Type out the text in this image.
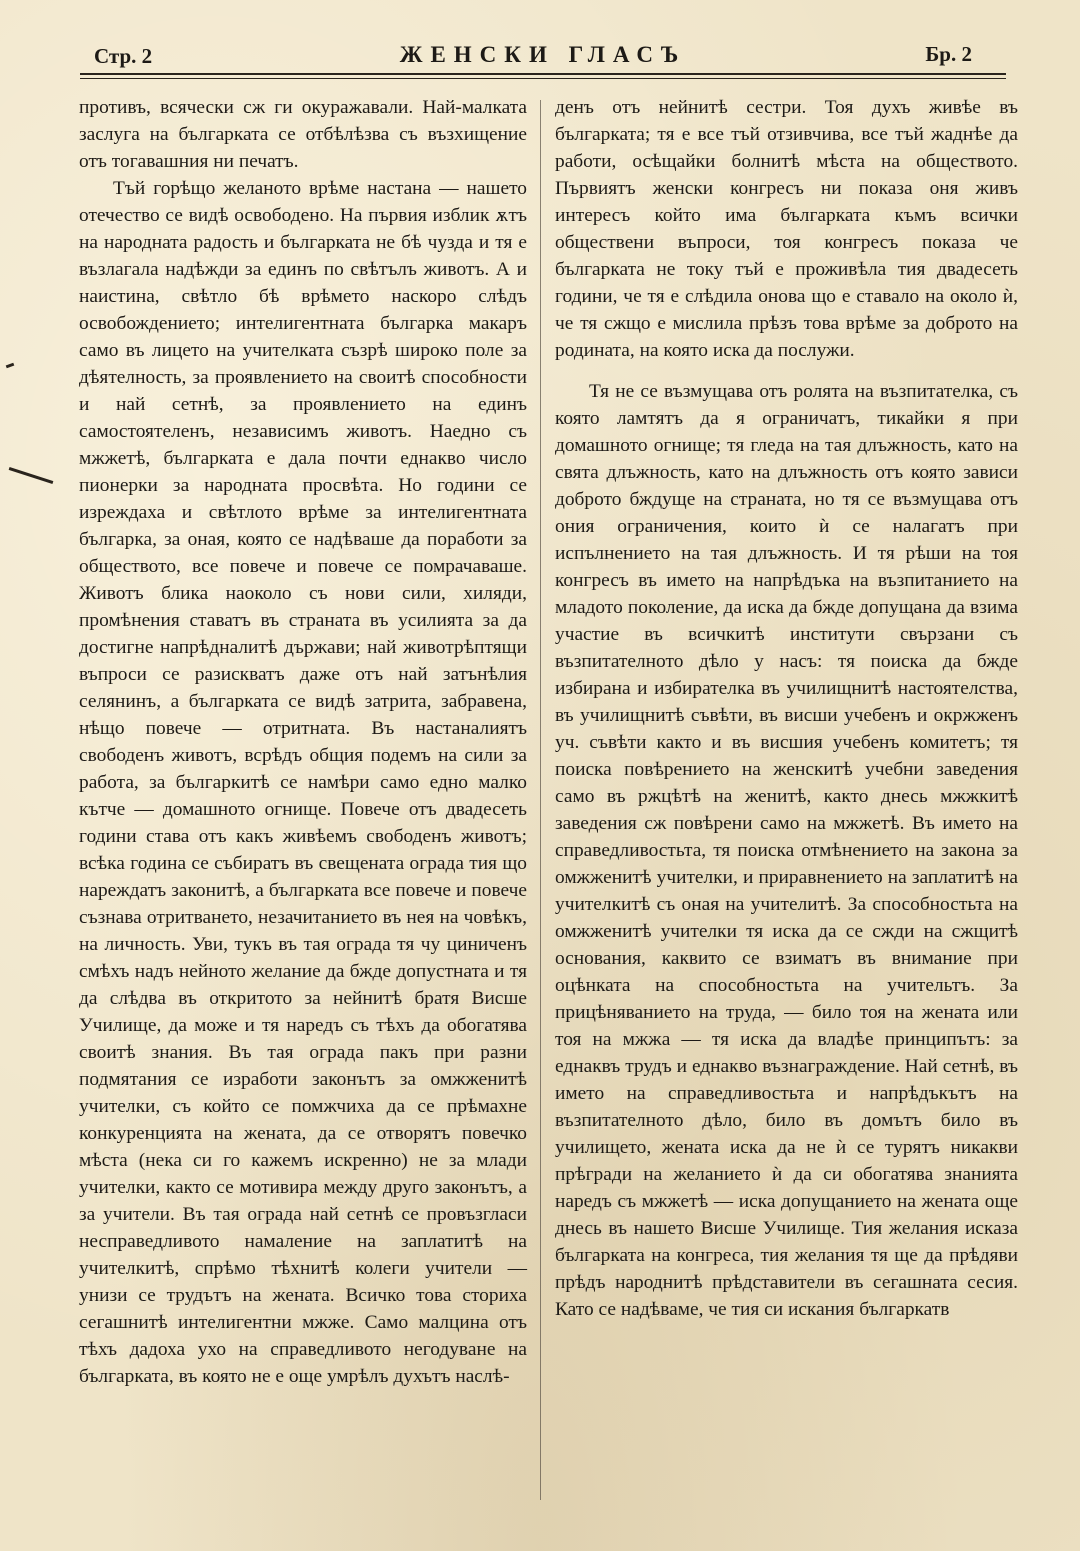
Стр. 2	ЖЕНСКИ ГЛАСЪ	Бр. 2

противъ, всячески сж ги окуражавали. Най-малката заслуга на българката се отбѣлѣзва съ възхищение отъ тогавашния ни печатъ.

Тъй горѣщо желаното врѣме настана — нашето отечество се видѣ освободено. На първия изблик ѫтъ на народната радость и българката не бѣ чузда и тя е възлагала надѣжди за единъ по свѣтълъ животъ. А и наистина, свѣтло бѣ врѣмето наскоро слѣдъ освобождението; интелигентната българка макаръ само въ лицето на учителката съзрѣ широко поле за дѣятелность, за проявлението на своитѣ способности и най сетнѣ, за проявлението на единъ самостоятеленъ, независимъ животъ. Наедно съ мжжетѣ, българката е дала почти еднакво число пионерки за народната просвѣта. Но години се изреждаха и свѣтлото врѣме за интелигентната българка, за оная, която се надѣваше да поработи за обществото, все повече и повече се помрачаваше. Животъ блика наоколо съ нови сили, хиляди, промѣнения ставатъ въ страната въ усилията за да достигне напрѣдналитѣ държави; най животрѣптящи въпроси се разискватъ даже отъ най затънѣлия селянинъ, а българката се видѣ затрита, забравена, нѣщо повече — отритната. Въ настаналиятъ свободенъ животъ, всрѣдъ общия подемъ на сили за работа, за българкитѣ се намѣри само едно малко кътче — домашното огнище. Повече отъ двадесеть години става отъ какъ живѣемъ свободенъ животъ; всѣка година се събиратъ въ свещената ограда тия що нареждатъ законитѣ, а българката все повече и повече съзнава отритването, незачитанието въ нея на човѣкъ, на личность. Уви, тукъ въ тая ограда тя чу циниченъ смѣхъ надъ нейното желание да бжде допустната и тя да слѣдва въ откритото за нейнитѣ братя Висше Училище, да може и тя наредъ съ тѣхъ да обогатява своитѣ знания. Въ тая ограда пакъ при разни подмятания се изработи законътъ за омжженитѣ учителки, съ който се помжчиха да се прѣмахне конкуренцията на жената, да се отворятъ повечко мѣста (нека си го кажемъ искренно) не за млади учителки, както се мотивира между друго законътъ, а за учители. Въ тая ограда най сетнѣ се провъзгласи несправедливото намаление на заплатитѣ на учителкитѣ, спрѣмо тѣхнитѣ колеги учители — унизи се трудътъ на жената. Всичко това сториха сегашнитѣ интелигентни мжже. Само малцина отъ тѣхъ дадоха ухо на справедливото негодуване на българката, въ която не е още умрѣлъ духътъ наслѣ-

денъ отъ нейнитѣ сестри. Тоя духъ живѣе въ българката; тя е все тъй отзивчива, все тъй жаднѣе да работи, осѣщайки болнитѣ мѣста на обществото. Първиятъ женски конгресъ ни показа оня живъ интересъ който има българката къмъ всички обществени въпроси, тоя конгресъ показа че българката не току тъй е проживѣла тия двадесеть години, че тя е слѣдила онова що е ставало на около ѝ, че тя сжщо е мислила прѣзъ това врѣме за доброто на родината, на която иска да послужи.

Тя не се възмущава отъ ролята на възпитателка, съ която ламтятъ да я ограничатъ, тикайки я при домашното огнище; тя гледа на тая длъжность, като на свята длъжность, като на длъжность отъ която зависи доброто бждуще на страната, но тя се възмущава отъ ония ограничения, които ѝ се налагатъ при испълнението на тая длъжность. И тя рѣши на тоя конгресъ въ името на напрѣдъка на възпитанието на младото поколение, да иска да бжде допущана да взима участие въ всичкитѣ институти свързани съ възпитателното дѣло у насъ: тя поиска да бжде избирана и избирателка въ училищнитѣ настоятелства, въ училищнитѣ съвѣти, въ висши учебенъ и окржженъ уч. съвѣти както и въ висшия учебенъ комитетъ; тя поиска повѣрението на женскитѣ учебни заведения само въ ржцѣтѣ на женитѣ, както днесь мжжкитѣ заведения сж повѣрени само на мжжетѣ. Въ името на справедливостьта, тя поиска отмѣнението на закона за омжженитѣ учителки, и приравнението на заплатитѣ на учителкитѣ съ оная на учителитѣ. За способностьта на омжженитѣ учителки тя иска да се сжди на сжщитѣ основания, каквито се взиматъ въ внимание при оцѣнката на способностьта на учительтъ. За прицѣняванието на труда, — било тоя на жената или тоя на мжжа — тя иска да владѣе принципътъ: за еднаквъ трудъ и еднакво възнаграждение. Най сетнѣ, въ името на справедливостьта и напрѣдъкътъ на възпитателното дѣло, било въ домътъ било въ училището, жената иска да не ѝ се турятъ никакви прѣгради на желанието ѝ да си обогатява знанията наредъ съ мжжетѣ — иска допущанието на жената още днесь въ нашето Висше Училище. Тия желания исказа българката на конгреса, тия желания тя ще да прѣдяви прѣдъ народнитѣ прѣдставители въ сегашната сесия. Като се надѣваме, че тия си искания българкатв
